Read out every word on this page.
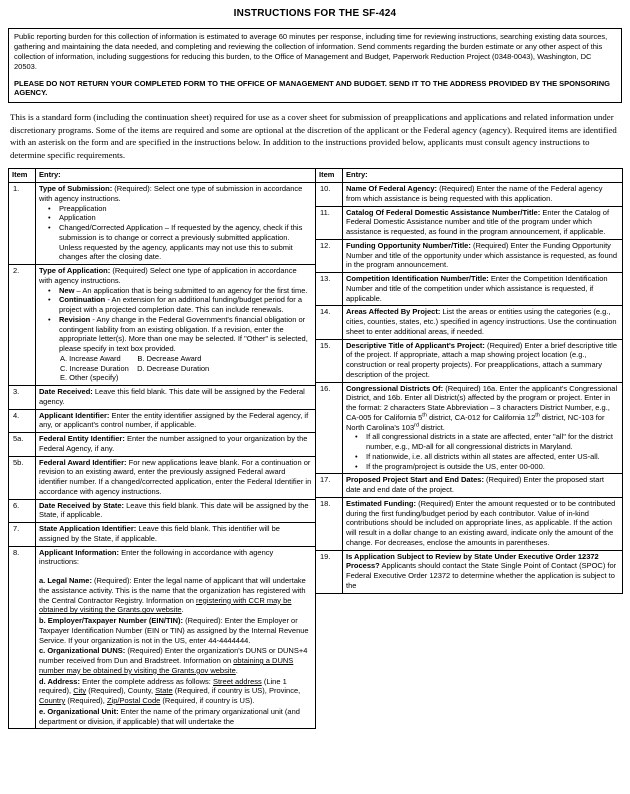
INSTRUCTIONS FOR THE SF-424

Public reporting burden for this collection of information is estimated to average 60 minutes per response, including time for reviewing instructions, searching existing data sources, gathering and maintaining the data needed, and completing and reviewing the collection of information. Send comments regarding the burden estimate or any other aspect of this collection of information, including suggestions for reducing this burden, to the Office of Management and Budget, Paperwork Reduction Project (0348-0043), Washington, DC 20503.

PLEASE DO NOT RETURN YOUR COMPLETED FORM TO THE OFFICE OF MANAGEMENT AND BUDGET. SEND IT TO THE ADDRESS PROVIDED BY THE SPONSORING AGENCY.

This is a standard form (including the continuation sheet) required for use as a cover sheet for submission of preapplications and applications and related information under discretionary programs. Some of the items are required and some are optional at the discretion of the applicant or the Federal agency (agency). Required items are identified with an asterisk on the form and are specified in the instructions below. In addition to the instructions provided below, applicants must consult agency instructions to determine specific requirements.

Item	Entry:
1.	Type of Submission: (Required): Select one type of submission in accordance with agency instructions.
•	Preapplication
•	Application
•	Changed/Corrected Application – If requested by the agency, check if this submission is to change or correct a previously submitted application. Unless requested by the agency, applicants may not use this to submit changes after the closing date.

2.	Type of Application: (Required) Select one type of application in accordance with agency instructions.
•	New – An application that is being submitted to an agency for the first time.
•	Continuation - An extension for an additional funding/budget period for a project with a projected completion date. This can include renewals.
•	Revision - Any change in the Federal Government's financial obligation or contingent liability from an existing obligation. If a revision, enter the appropriate letter(s). More than one may be selected. If "Other" is selected, please specify in text box provided.
A. Increase Award        B. Decrease Award
C. Increase Duration    D. Decrease Duration
E. Other (specify)

3.	Date Received: Leave this field blank. This date will be assigned by the Federal agency.

4.	Applicant Identifier: Enter the entity identifier assigned by the Federal agency, if any, or applicant's control number, if applicable.

5a.	Federal Entity Identifier: Enter the number assigned to your organization by the Federal Agency, if any.

5b.	Federal Award Identifier: For new applications leave blank. For a continuation or revision to an existing award, enter the previously assigned Federal award identifier number. If a changed/corrected application, enter the Federal Identifier in accordance with agency instructions.

6.	Date Received by State: Leave this field blank. This date will be assigned by the State, if applicable.

7.	State Application Identifier: Leave this field blank. This identifier will be assigned by the State, if applicable.

8.	Applicant Information: Enter the following in accordance with agency instructions:
a. Legal Name: (Required): Enter the legal name of applicant that will undertake the assistance activity. This is the name that the organization has registered with the Central Contractor Registry. Information on registering with CCR may be obtained by visiting the Grants.gov website.
b. Employer/Taxpayer Number (EIN/TIN): (Required): Enter the Employer or Taxpayer Identification Number (EIN or TIN) as assigned by the Internal Revenue Service. If your organization is not in the US, enter 44-4444444.
c. Organizational DUNS: (Required) Enter the organization's DUNS or DUNS+4 number received from Dun and Bradstreet. Information on obtaining a DUNS number may be obtained by visiting the Grants.gov website.
d. Address: Enter the complete address as follows: Street address (Line 1 required), City (Required), County, State (Required, if country is US), Province, Country (Required), Zip/Postal Code (Required, if country is US).
e. Organizational Unit: Enter the name of the primary organizational unit (and department or division, if applicable) that will undertake the
Item	Entry:
10.	Name Of Federal Agency: (Required) Enter the name of the Federal agency from which assistance is being requested with this application.

11.	Catalog Of Federal Domestic Assistance Number/Title: Enter the Catalog of Federal Domestic Assistance number and title of the program under which assistance is requested, as found in the program announcement, if applicable.

12.	Funding Opportunity Number/Title: (Required) Enter the Funding Opportunity Number and title of the opportunity under which assistance is requested, as found in the program announcement.

13.	Competition Identification Number/Title: Enter the Competition Identification Number and title of the competition under which assistance is requested, if applicable.

14.	Areas Affected By Project: List the areas or entities using the categories (e.g., cities, counties, states, etc.) specified in agency instructions. Use the continuation sheet to enter additional areas, if needed.

15.	Descriptive Title of Applicant's Project: (Required) Enter a brief descriptive title of the project. If appropriate, attach a map showing project location (e.g., construction or real property projects). For preapplications, attach a summary description of the project.

16.	Congressional Districts Of: (Required) 16a. Enter the applicant's Congressional District, and 16b. Enter all District(s) affected by the program or project. Enter in the format: 2 characters State Abbreviation – 3 characters District Number, e.g., CA-005 for California 5th district, CA-012 for California 12th district, NC-103 for North Carolina's 103rd district.
•	If all congressional districts in a state are affected, enter "all" for the district number, e.g., MD-all for all congressional districts in Maryland.
•	If nationwide, i.e. all districts within all states are affected, enter US-all.
•	If the program/project is outside the US, enter 00-000.

17.	Proposed Project Start and End Dates: (Required) Enter the proposed start date and end date of the project.

18.	Estimated Funding: (Required) Enter the amount requested or to be contributed during the first funding/budget period by each contributor. Value of in-kind contributions should be included on appropriate lines, as applicable. If the action will result in a dollar change to an existing award, indicate only the amount of the change. For decreases, enclose the amounts in parentheses.

19.	Is Application Subject to Review by State Under Executive Order 12372 Process? Applicants should contact the State Single Point of Contact (SPOC) for Federal Executive Order 12372 to determine whether the application is subject to the
